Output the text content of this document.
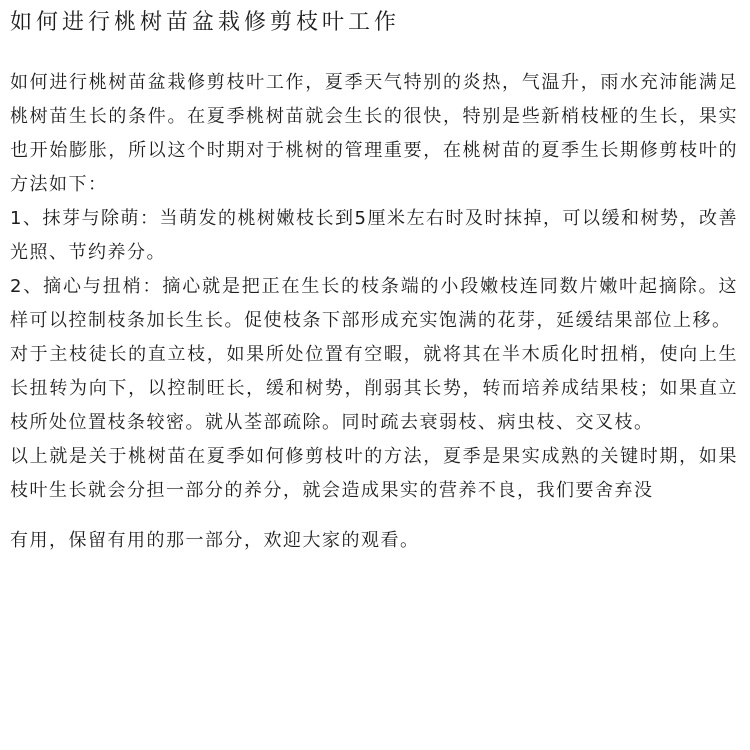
如何进行桃树苗盆栽修剪枝叶工作

如何进行桃树苗盆栽修剪枝叶工作，夏季天气特别的炎热，气温升，雨水充沛能满足桃树苗生长的条件。在夏季桃树苗就会生长的很快，特别是些新梢枝桠的生长，果实也开始膨胀，所以这个时期对于桃树的管理重要，在桃树苗的夏季生长期修剪枝叶的方法如下：

1、抹芽与除萌：当萌发的桃树嫩枝长到5厘米左右时及时抹掉，可以缓和树势，改善光照、节约养分。

2、摘心与扭梢：摘心就是把正在生长的枝条端的小段嫩枝连同数片嫩叶起摘除。这样可以控制枝条加长生长。促使枝条下部形成充实饱满的花芽，延缓结果部位上移。

对于主枝徒长的直立枝，如果所处位置有空暇，就将其在半木质化时扭梢，使向上生长扭转为向下，以控制旺长，缓和树势，削弱其长势，转而培养成结果枝；如果直立枝所处位置枝条较密。就从荃部疏除。同时疏去衰弱枝、病虫枝、交叉枝。

以上就是关于桃树苗在夏季如何修剪枝叶的方法，夏季是果实成熟的关键时期，如果枝叶生长就会分担一部分的养分，就会造成果实的营养不良，我们要舍弃没

有用，保留有用的那一部分，欢迎大家的观看。
